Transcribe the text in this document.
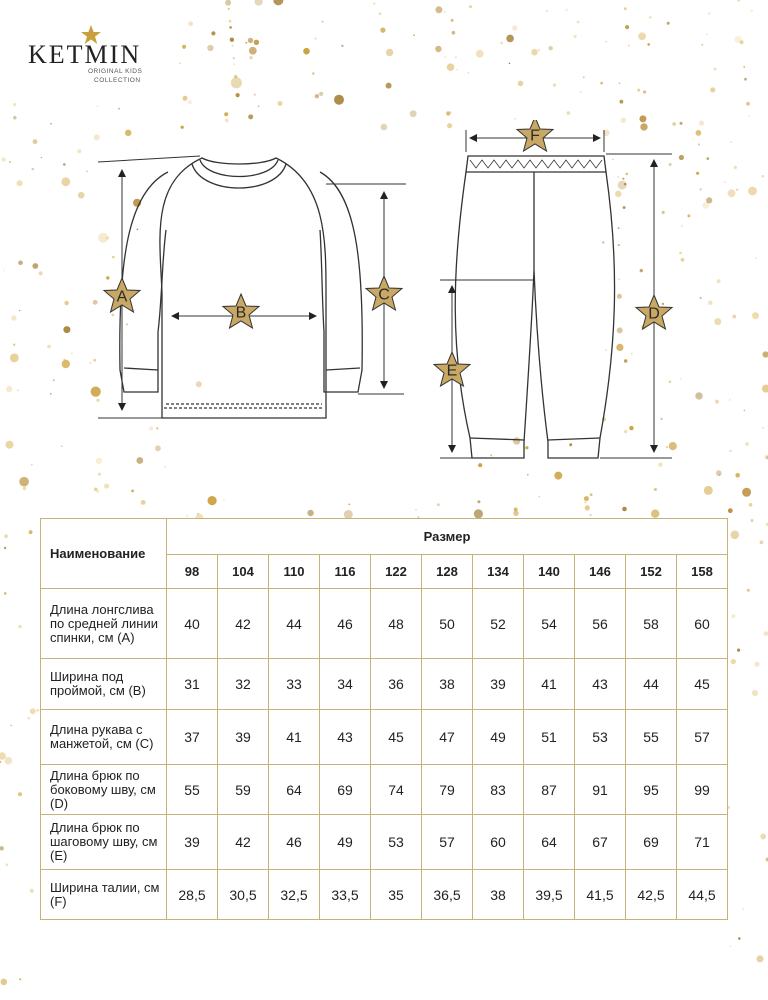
KETMIN
ORIGINAL KIDS
COLLECTION
A
B
C
F
D
E
Наименование	Размер										
	98	104	110	116	122	128	134	140	146	152	158
Длина лонгслива по средней линии спинки, см (A)	40	42	44	46	48	50	52	54	56	58	60
Ширина под проймой, см (B)	31	32	33	34	36	38	39	41	43	44	45
Длина рукава с манжетой, см (C)	37	39	41	43	45	47	49	51	53	55	57
Длина брюк по боковому шву, см (D)	55	59	64	69	74	79	83	87	91	95	99
Длина брюк по шаговому шву, см (E)	39	42	46	49	53	57	60	64	67	69	71
Ширина талии, см (F)	28,5	30,5	32,5	33,5	35	36,5	38	39,5	41,5	42,5	44,5
